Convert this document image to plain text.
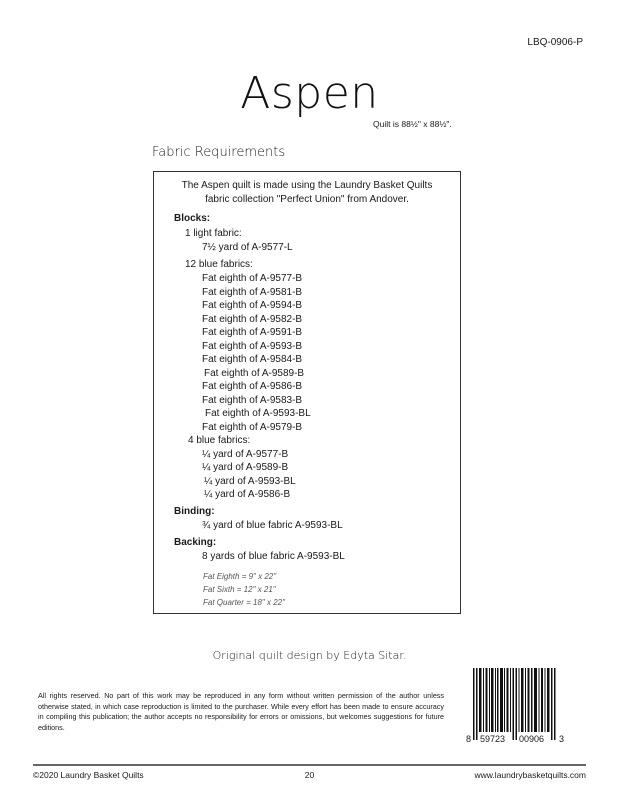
LBQ-0906-P
Aspen
Quilt is 88½" x 88½".
Fabric Requirements
The Aspen quilt is made using the Laundry Basket Quilts
fabric collection "Perfect Union" from Andover.
Blocks:
1 light fabric:
7½ yard of A-9577-L
12 blue fabrics:
Fat eighth of A-9577-B
Fat eighth of A-9581-B
Fat eighth of A-9594-B
Fat eighth of A-9582-B
Fat eighth of A-9591-B
Fat eighth of A-9593-B
Fat eighth of A-9584-B
Fat eighth of A-9589-B
Fat eighth of A-9586-B
Fat eighth of A-9583-B
Fat eighth of A-9593-BL
Fat eighth of A-9579-B
4 blue fabrics:
¼ yard of A-9577-B
¼ yard of A-9589-B
¼ yard of A-9593-BL
¼ yard of A-9586-B
Binding:
¾ yard of blue fabric A-9593-BL
Backing:
8 yards of blue fabric A-9593-BL
Fat Eighth = 9" x 22"
Fat Sixth = 12" x 21"
Fat Quarter = 18" x 22"
Original quilt design by Edyta Sitar.
All rights reserved. No part of this work may be reproduced in any form without written permission of the author unless otherwise stated, in which case reproduction is limited to the purchaser. While every effort has been made to ensure accuracy in compiling this publication; the author accepts no responsibility for errors or omissions, but welcomes suggestions for future editions.
8 59723 00906 3
©2020 Laundry Basket Quilts	20	www.laundrybasketquilts.com
